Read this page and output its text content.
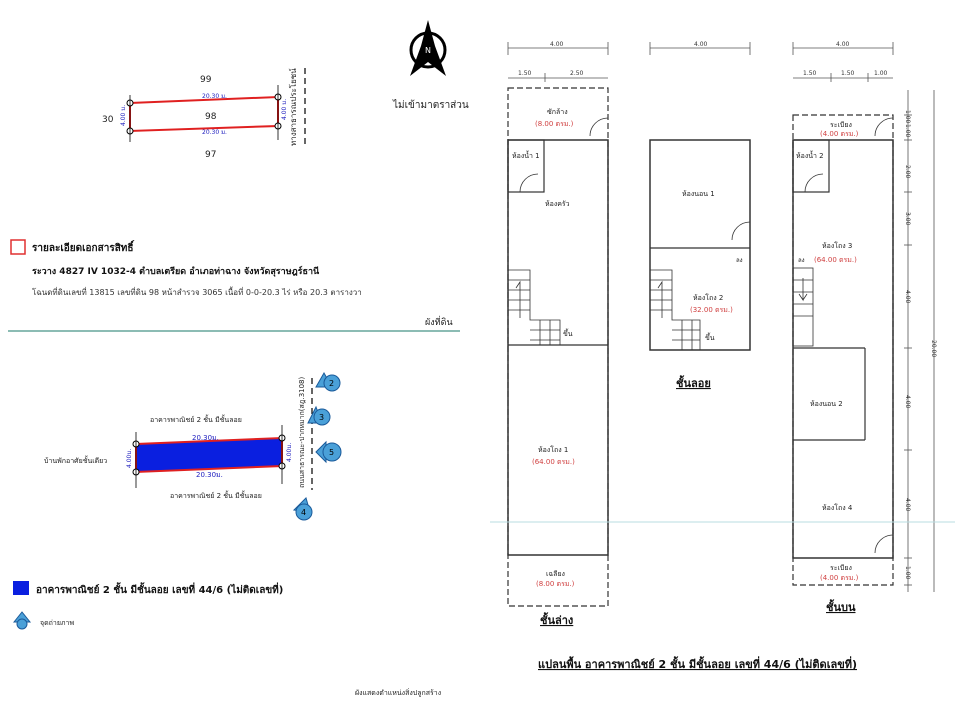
99
97
30
20.30 ม.
20.30 ม.
98
4.00 ม.	4.00 ม. ทางสาธารณประโยชน์
N
ไม่เข้ามาตราส่วน
รายละเอียดเอกสารสิทธิ์
ระวาง 4827 IV 1032-4 ตำบลเตรียด อำเภอท่าฉาง จังหวัดสุราษฎร์ธานี
โฉนดที่ดินเลขที่ 13815 เลขที่ดิน 98 หน้าสำรวจ 3065 เนื้อที่ 0-0-20.3 ไร่ หรือ 20.3 ตารางวา
ผังที่ดิน
อาคารพาณิชย์ 2 ชั้น มีชั้นลอย
อาคารพาณิชย์ 2 ชั้น มีชั้นลอย
บ้านพักอาศัยชั้นเดียว
20.30ม.
20.30ม.
4.00ม.	4.00ม. ถนนสาธารณะ-ปากหมาก(สฎ.3108)	2
3
5
4
อาคารพาณิชย์ 2 ชั้น มีชั้นลอย เลขที่ 44/6 (ไม่ติดเลขที่)
จุดถ่ายภาพ
ผังแสดงตำแหน่งสิ่งปลูกสร้าง
4.00
1.50	2.50
ซักล้าง
(8.00 ตรม.)
ห้องน้ำ 1
ห้องครัว
ขึ้น
ห้องโถง 1
(64.00 ตรม.)
เฉลียง
(8.00 ตรม.)
ชั้นล่าง
4.00
ห้องนอน 1
ลง
ห้องโถง 2
(32.00 ตรม.)
ขึ้น
ชั้นลอย
4.00
1.50	1.50	1.00
ระเบียง
(4.00 ตรม.)
ห้องน้ำ 2
ห้องโถง 3
(64.00 ตรม.)
ลง
ห้องนอน 2
ห้องโถง 4
ระเบียง
(4.00 ตรม.)
ชั้นบน
1.00
1.00
2.00
3.00
4.00
4.00
4.00
1.00
20.00
แปลนพื้น อาคารพาณิชย์ 2 ชั้น มีชั้นลอย เลขที่ 44/6 (ไม่ติดเลขที่)
